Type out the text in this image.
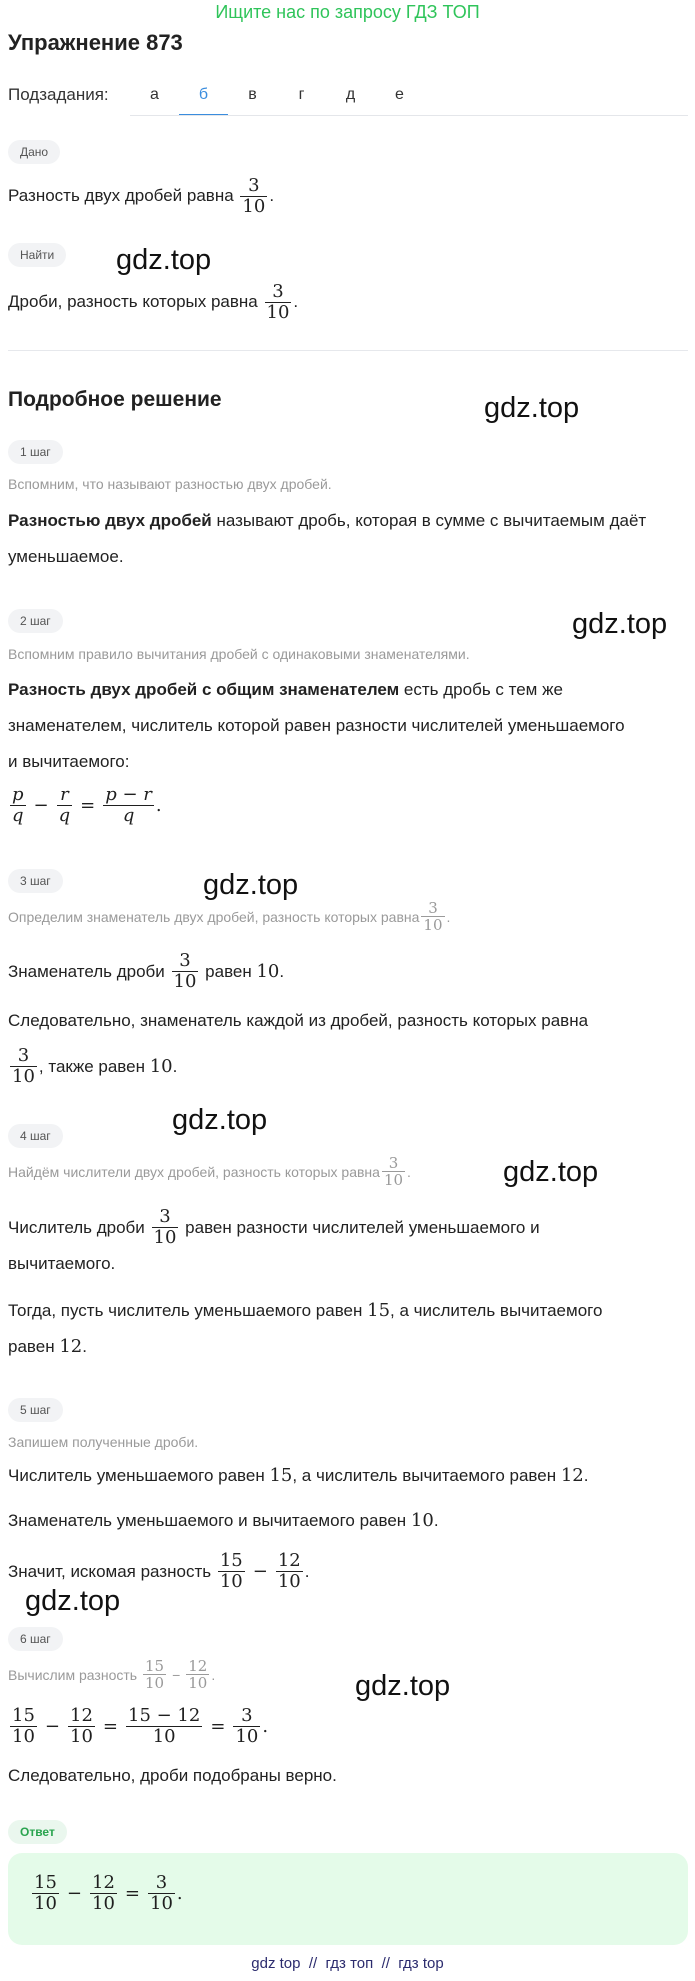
Ищите нас по запросу ГДЗ ТОП
Упражнение 873
Подзадания:	а	б	в	г	д	е
Дано
Разность двух дробей равна $\frac{3}{10}$ .
Найти	gdz.top
Дроби, разность которых равна $\frac{3}{10}$ .
Подробное решение	gdz.top
1 шаг
Вспомним, что называют разностью двух дробей.
Разностью двух дробей называют дробь, которая в сумме с вычитаемым даёт
уменьшаемое.
2 шаг	gdz.top
Вспомним правило вычитания дробей с одинаковыми знаменателями.
Разность двух дробей с общим знаменателем есть дробь с тем же
знаменателем, числитель которой равен разности числителей уменьшаемого
и вычитаемого:
$\frac{p}{q} - \frac{r}{q} = \frac{p - r}{q}$ .
3 шаг	gdz.top
Определим знаменатель двух дробей, разность которых равна $\frac{3}{10}$ .
Знаменатель дроби
$\frac{3}{10}$
равен
10 .
Следовательно, знаменатель каждой из дробей, разность которых равна
$\frac{3}{10}$ , также равен
10 .
4 шаг	gdz.top
gdz.top
Найдём числители двух дробей, разность которых равна $\frac{3}{10}$ .
Числитель дроби
$\frac{3}{10}$
равен разности числителей уменьшаемого и
вычитаемого.
Тогда, пусть числитель уменьшаемого равен 15, а числитель вычитаемого
равен 12.
5 шаг
Запишем полученные дроби.
Числитель уменьшаемого равен 15, а числитель вычитаемого равен 12.
Знаменатель уменьшаемого и вычитаемого равен 10.
Значит, искомая разность
$\frac{15}{10} - \frac{12}{10}$ .
gdz.top
6 шаг
gdz.top
Вычислим разность
$\frac{15}{10} - \frac{12}{10}$ .
$\frac{15}{10} - \frac{12}{10} = \frac{15 - 12}{10} = \frac{3}{10}$ .
Следовательно, дроби подобраны верно.
Ответ
$\frac{15}{10} - \frac{12}{10} = \frac{3}{10}$ .
gdz top  //  гдз топ  //  гдз top
